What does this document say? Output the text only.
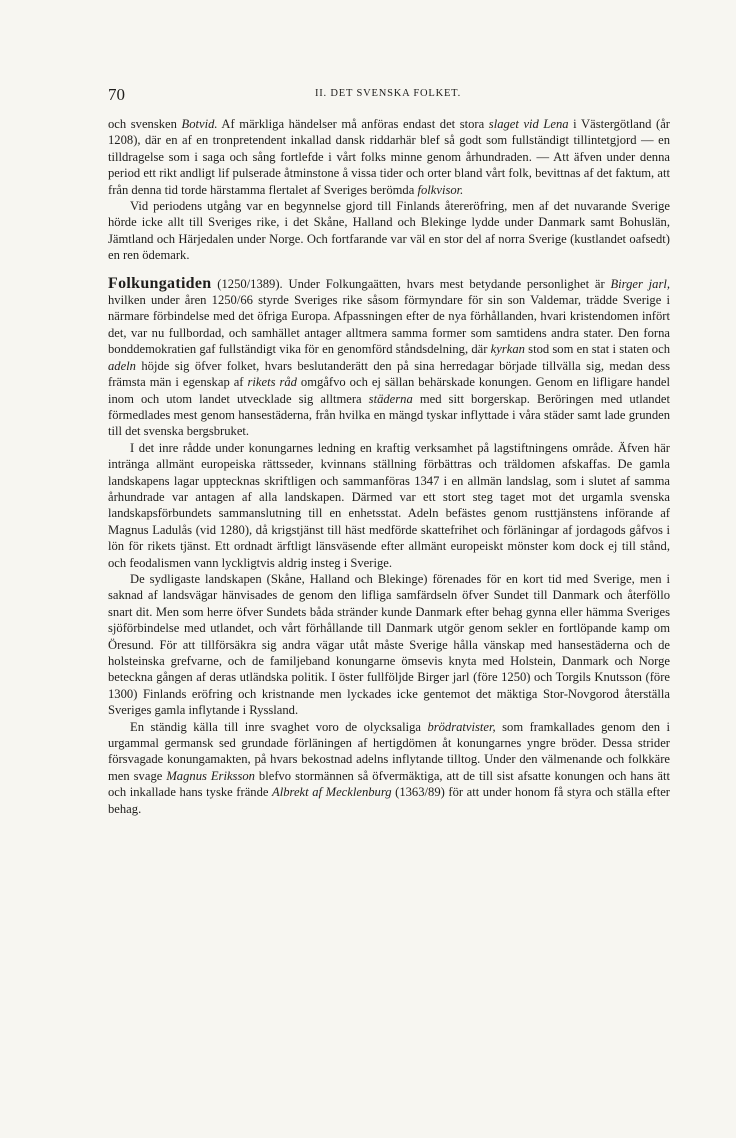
70	II. DET SVENSKA FOLKET.

och svensken Botvid. Af märkliga händelser må anföras endast det stora slaget vid Lena i Västergötland (år 1208), där en af en tronpretendent inkallad dansk riddarhär blef så godt som fullständigt tillintetgjord — en tilldragelse som i saga och sång fortlefde i vårt folks minne genom århundraden. — Att äfven under denna period ett rikt andligt lif pulserade åtminstone å vissa tider och orter bland vårt folk, bevittnas af det faktum, att från denna tid torde härstamma flertalet af Sveriges berömda folkvisor.

Vid periodens utgång var en begynnelse gjord till Finlands återeröfring, men af det nuvarande Sverige hörde icke allt till Sveriges rike, i det Skåne, Halland och Blekinge lydde under Danmark samt Bohuslän, Jämtland och Härjedalen under Norge. Och fortfarande var väl en stor del af norra Sverige (kustlandet oafsedt) en ren ödemark.

Folkungatiden (1250/1389). Under Folkungaätten, hvars mest betydande personlighet är Birger jarl, hvilken under åren 1250/66 styrde Sveriges rike såsom förmyndare för sin son Valdemar, trädde Sverige i närmare förbindelse med det öfriga Europa. Afpassningen efter de nya förhållanden, hvari kristendomen infört det, var nu fullbordad, och samhället antager alltmera samma former som samtidens andra stater. Den forna bonddemokratien gaf fullständigt vika för en genomförd ståndsdelning, där kyrkan stod som en stat i staten och adeln höjde sig öfver folket, hvars beslutanderätt den på sina herredagar började tillvälla sig, medan dess främsta män i egenskap af rikets råd omgåfvo och ej sällan behärskade konungen. Genom en lifligare handel inom och utom landet utvecklade sig alltmera städerna med sitt borgerskap. Beröringen med utlandet förmedlades mest genom hansestäderna, från hvilka en mängd tyskar inflyttade i våra städer samt lade grunden till det svenska bergsbruket.

I det inre rådde under konungarnes ledning en kraftig verksamhet på lagstiftningens område. Äfven här inträngа allmänt europeiska rättsseder, kvinnans ställning förbättras och träldomen afskaffas. De gamla landskapens lagar upptecknas skriftligen och sammanföras 1347 i en allmän landslag, som i slutet af samma århundrade var antagen af alla landskapen. Därmed var ett stort steg taget mot det urgamla svenska landskapsförbundets sammanslutning till en enhetsstat. Adeln befästes genom rusttjänstens införande af Magnus Ladulås (vid 1280), då krigstjänst till häst medförde skattefrihet och förläningar af jordagods gåfvos i lön för rikets tjänst. Ett ordnadt ärftligt länsväsende efter allmänt europeiskt mönster kom dock ej till stånd, och feodalismen vann lyckligtvis aldrig insteg i Sverige.

De sydligaste landskapen (Skåne, Halland och Blekinge) förenades för en kort tid med Sverige, men i saknad af landsvägar hänvisades de genom den lifliga samfärdseln öfver Sundet till Danmark och återföllo snart dit. Men som herre öfver Sundets båda stränder kunde Danmark efter behag gynna eller hämma Sveriges sjöförbindelse med utlandet, och vårt förhållande till Danmark utgör genom sekler en fortlöpande kamp om Öresund. För att tillförsäkra sig andra vägar utåt måste Sverige hålla vänskap med hansestäderna och de holsteinska grefvarne, och de familjeband konungarne ömsevis knyta med Holstein, Danmark och Norge beteckna gången af deras utländska politik. I öster fullföljde Birger jarl (före 1250) och Torgils Knutsson (före 1300) Finlands eröfring och kristnande men lyckades icke gentemot det mäktiga Stor-Novgorod återställa Sveriges gamla inflytande i Ryssland.

En ständig källa till inre svaghet voro de olycksaliga brödratvister, som framkallades genom den i urgammal germansk sed grundade förläningen af hertigdömen åt konungarnes yngre bröder. Dessa strider försvagade konungamakten, på hvars bekostnad adelns inflytande tilltog. Under den välmenande och folkkäre men svage Magnus Eriksson blefvo stormännen så öfvermäktiga, att de till sist afsatte konungen och hans ätt och inkallade hans tyske frände Albrekt af Mecklenburg (1363/89) för att under honom få styra och ställa efter behag.
